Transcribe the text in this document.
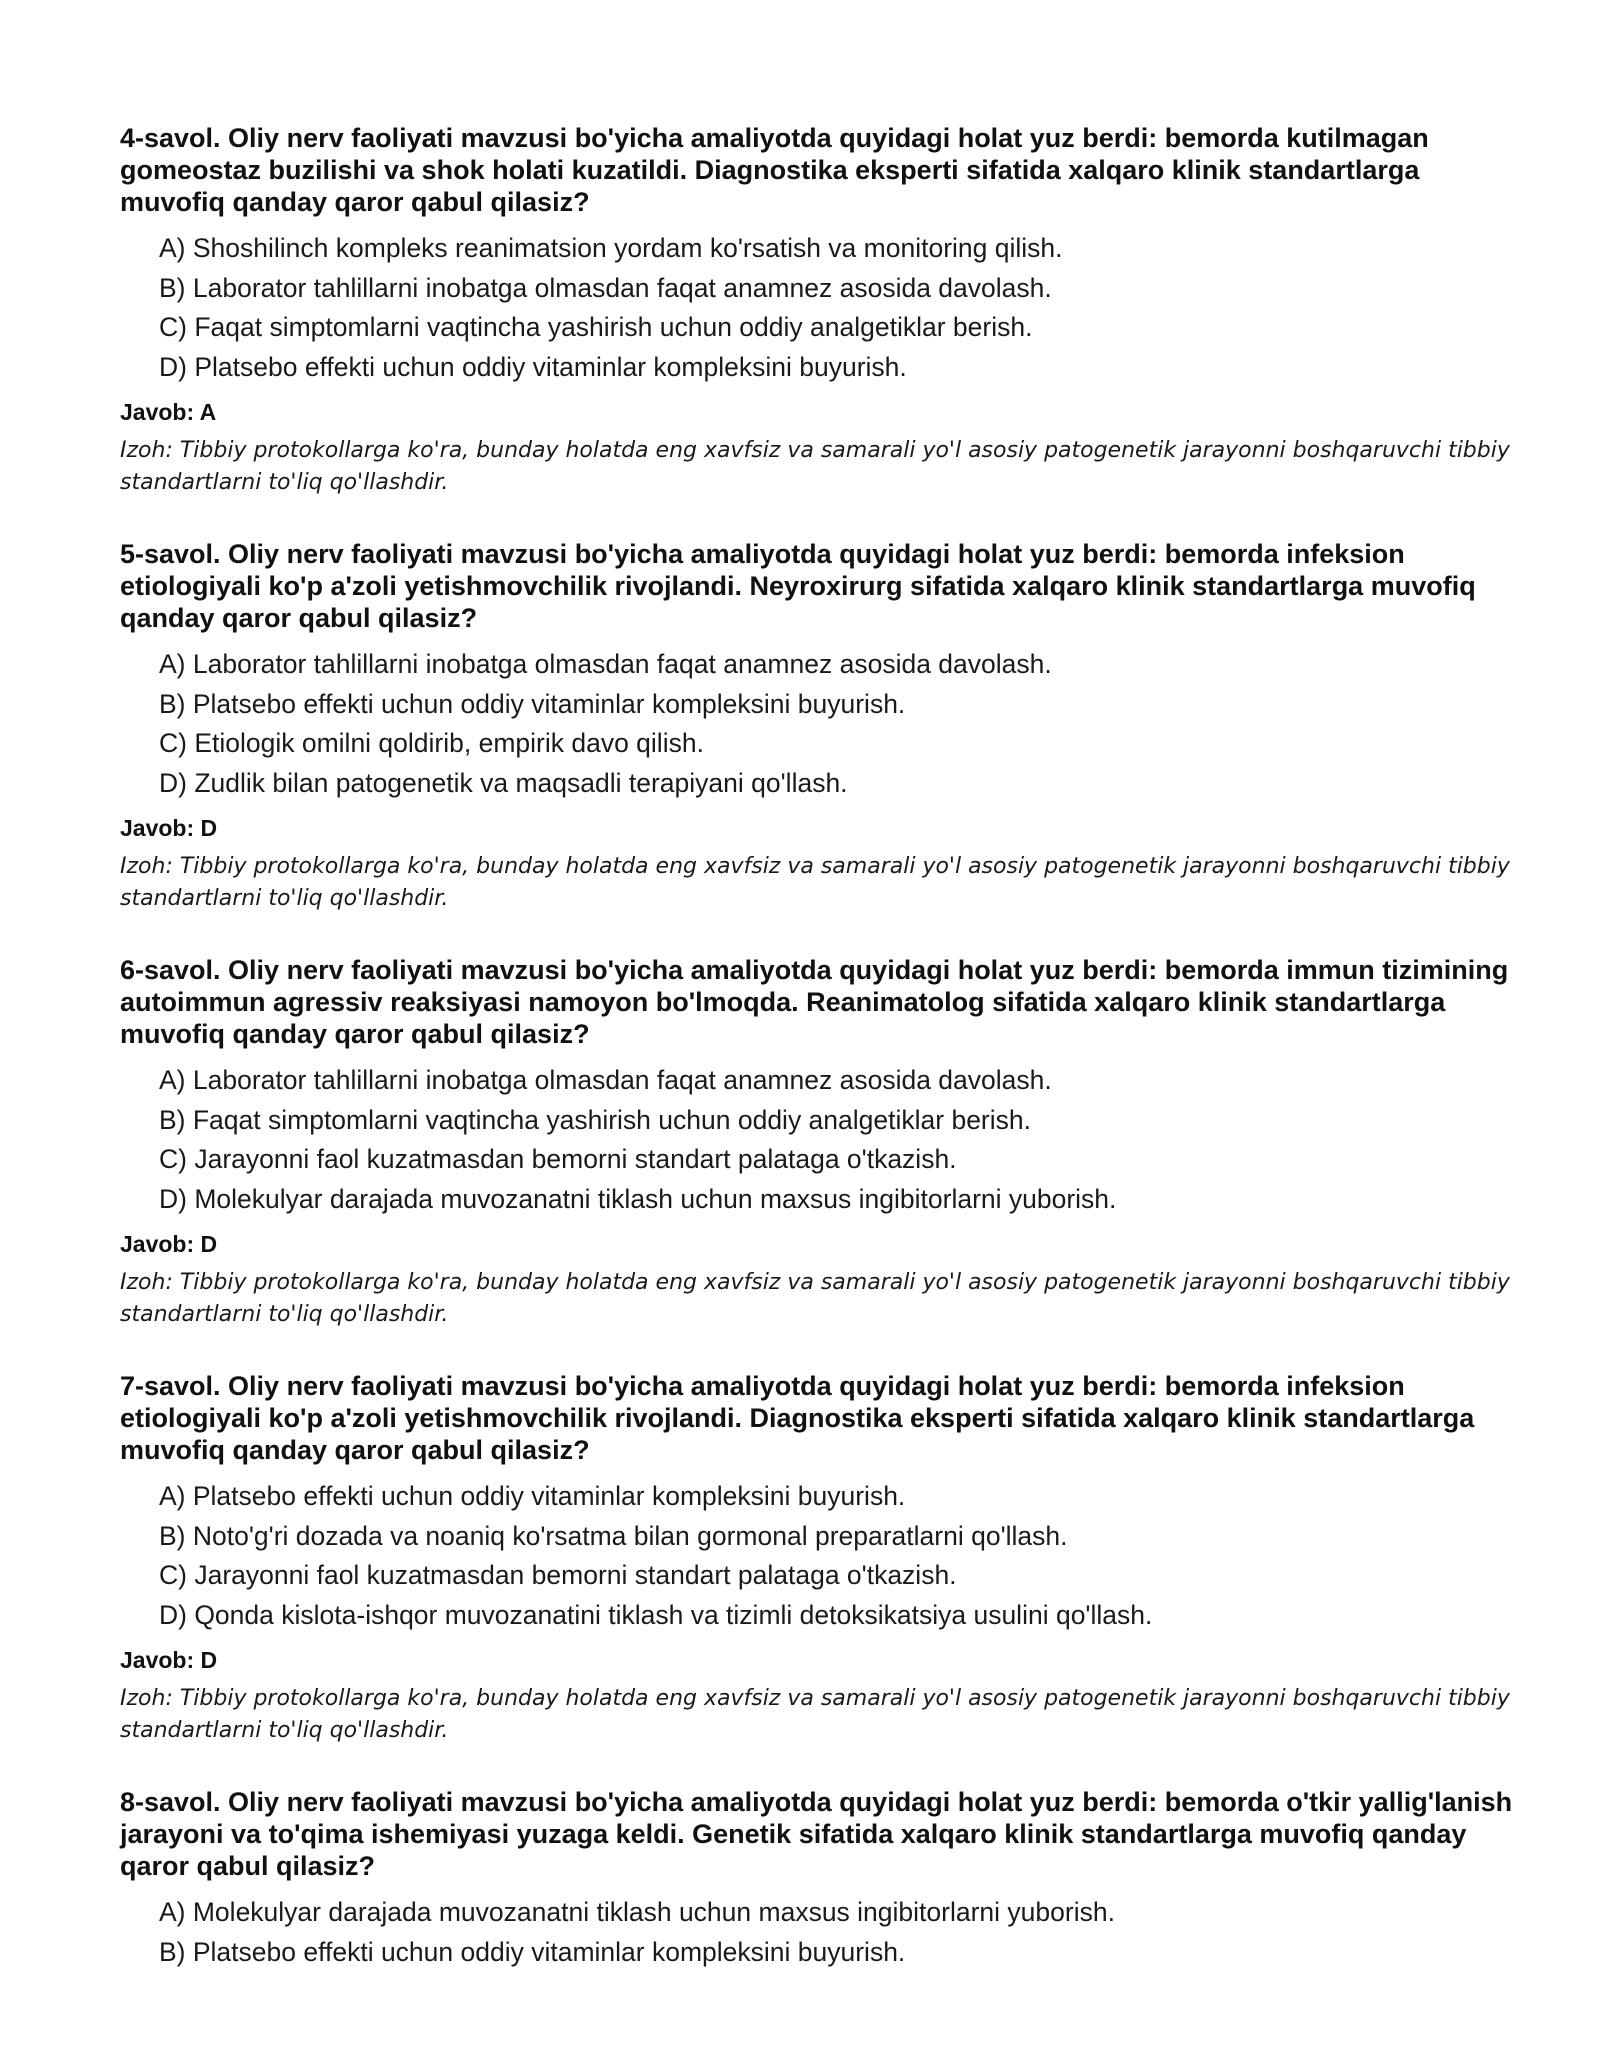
4-savol. Oliy nerv faoliyati mavzusi bo'yicha amaliyotda quyidagi holat yuz berdi: bemorda kutilmagan gomeostaz buzilishi va shok holati kuzatildi. Diagnostika eksperti sifatida xalqaro klinik standartlarga muvofiq qanday qaror qabul qilasiz?
A) Shoshilinch kompleks reanimatsion yordam ko'rsatish va monitoring qilish.
B) Laborator tahlillarni inobatga olmasdan faqat anamnez asosida davolash.
C) Faqat simptomlarni vaqtincha yashirish uchun oddiy analgetiklar berish.
D) Platsebo effekti uchun oddiy vitaminlar kompleksini buyurish.
Javob: A
Izoh: Tibbiy protokollarga ko'ra, bunday holatda eng xavfsiz va samarali yo'l asosiy patogenetik jarayonni boshqaruvchi tibbiy standartlarni to'liq qo'llashdir.
5-savol. Oliy nerv faoliyati mavzusi bo'yicha amaliyotda quyidagi holat yuz berdi: bemorda infeksion etiologiyali ko'p a'zoli yetishmovchilik rivojlandi. Neyroxirurg sifatida xalqaro klinik standartlarga muvofiq qanday qaror qabul qilasiz?
A) Laborator tahlillarni inobatga olmasdan faqat anamnez asosida davolash.
B) Platsebo effekti uchun oddiy vitaminlar kompleksini buyurish.
C) Etiologik omilni qoldirib, empirik davo qilish.
D) Zudlik bilan patogenetik va maqsadli terapiyani qo'llash.
Javob: D
Izoh: Tibbiy protokollarga ko'ra, bunday holatda eng xavfsiz va samarali yo'l asosiy patogenetik jarayonni boshqaruvchi tibbiy standartlarni to'liq qo'llashdir.
6-savol. Oliy nerv faoliyati mavzusi bo'yicha amaliyotda quyidagi holat yuz berdi: bemorda immun tizimining autoimmun agressiv reaksiyasi namoyon bo'lmoqda. Reanimatolog sifatida xalqaro klinik standartlarga muvofiq qanday qaror qabul qilasiz?
A) Laborator tahlillarni inobatga olmasdan faqat anamnez asosida davolash.
B) Faqat simptomlarni vaqtincha yashirish uchun oddiy analgetiklar berish.
C) Jarayonni faol kuzatmasdan bemorni standart palataga o'tkazish.
D) Molekulyar darajada muvozanatni tiklash uchun maxsus ingibitorlarni yuborish.
Javob: D
Izoh: Tibbiy protokollarga ko'ra, bunday holatda eng xavfsiz va samarali yo'l asosiy patogenetik jarayonni boshqaruvchi tibbiy standartlarni to'liq qo'llashdir.
7-savol. Oliy nerv faoliyati mavzusi bo'yicha amaliyotda quyidagi holat yuz berdi: bemorda infeksion etiologiyali ko'p a'zoli yetishmovchilik rivojlandi. Diagnostika eksperti sifatida xalqaro klinik standartlarga muvofiq qanday qaror qabul qilasiz?
A) Platsebo effekti uchun oddiy vitaminlar kompleksini buyurish.
B) Noto'g'ri dozada va noaniq ko'rsatma bilan gormonal preparatlarni qo'llash.
C) Jarayonni faol kuzatmasdan bemorni standart palataga o'tkazish.
D) Qonda kislota-ishqor muvozanatini tiklash va tizimli detoksikatsiya usulini qo'llash.
Javob: D
Izoh: Tibbiy protokollarga ko'ra, bunday holatda eng xavfsiz va samarali yo'l asosiy patogenetik jarayonni boshqaruvchi tibbiy standartlarni to'liq qo'llashdir.
8-savol. Oliy nerv faoliyati mavzusi bo'yicha amaliyotda quyidagi holat yuz berdi: bemorda o'tkir yallig'lanish jarayoni va to'qima ishemiyasi yuzaga keldi. Genetik sifatida xalqaro klinik standartlarga muvofiq qanday qaror qabul qilasiz?
A) Molekulyar darajada muvozanatni tiklash uchun maxsus ingibitorlarni yuborish.
B) Platsebo effekti uchun oddiy vitaminlar kompleksini buyurish.
